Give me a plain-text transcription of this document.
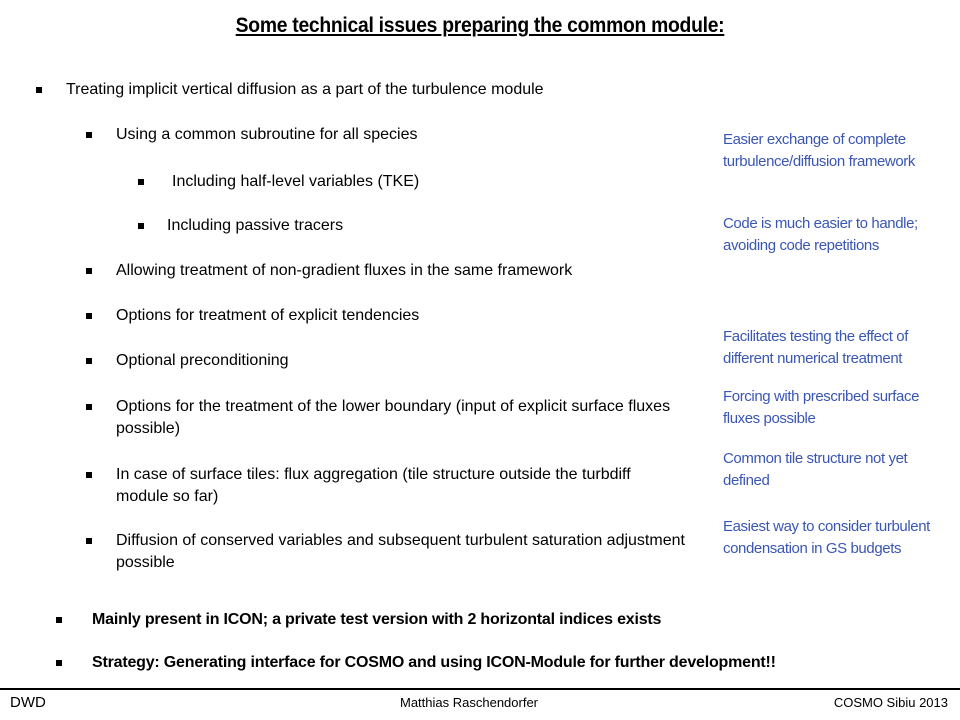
Some technical issues preparing the common module:
Treating implicit vertical diffusion as a part of the turbulence module
Using a common subroutine for all species
Including half-level variables (TKE)
Including passive tracers
Allowing treatment of non-gradient fluxes in the same framework
Options for treatment of explicit tendencies
Optional preconditioning
Options for the treatment of the lower boundary (input of explicit surface fluxes possible)
In case of surface tiles: flux aggregation (tile structure outside the turbdiff module so far)
Diffusion of conserved variables and subsequent turbulent saturation adjustment possible
Easier exchange of complete turbulence/diffusion framework
Code is much easier to handle; avoiding code repetitions
Facilitates testing the effect of different numerical treatment
Forcing with prescribed surface fluxes possible
Common tile structure not yet defined
Easiest way to consider turbulent condensation in GS budgets
Mainly present in ICON; a private test version with 2 horizontal indices exists
Strategy: Generating interface for COSMO and using ICON-Module for further development!!
DWD	Matthias Raschendorfer	COSMO Sibiu 2013
